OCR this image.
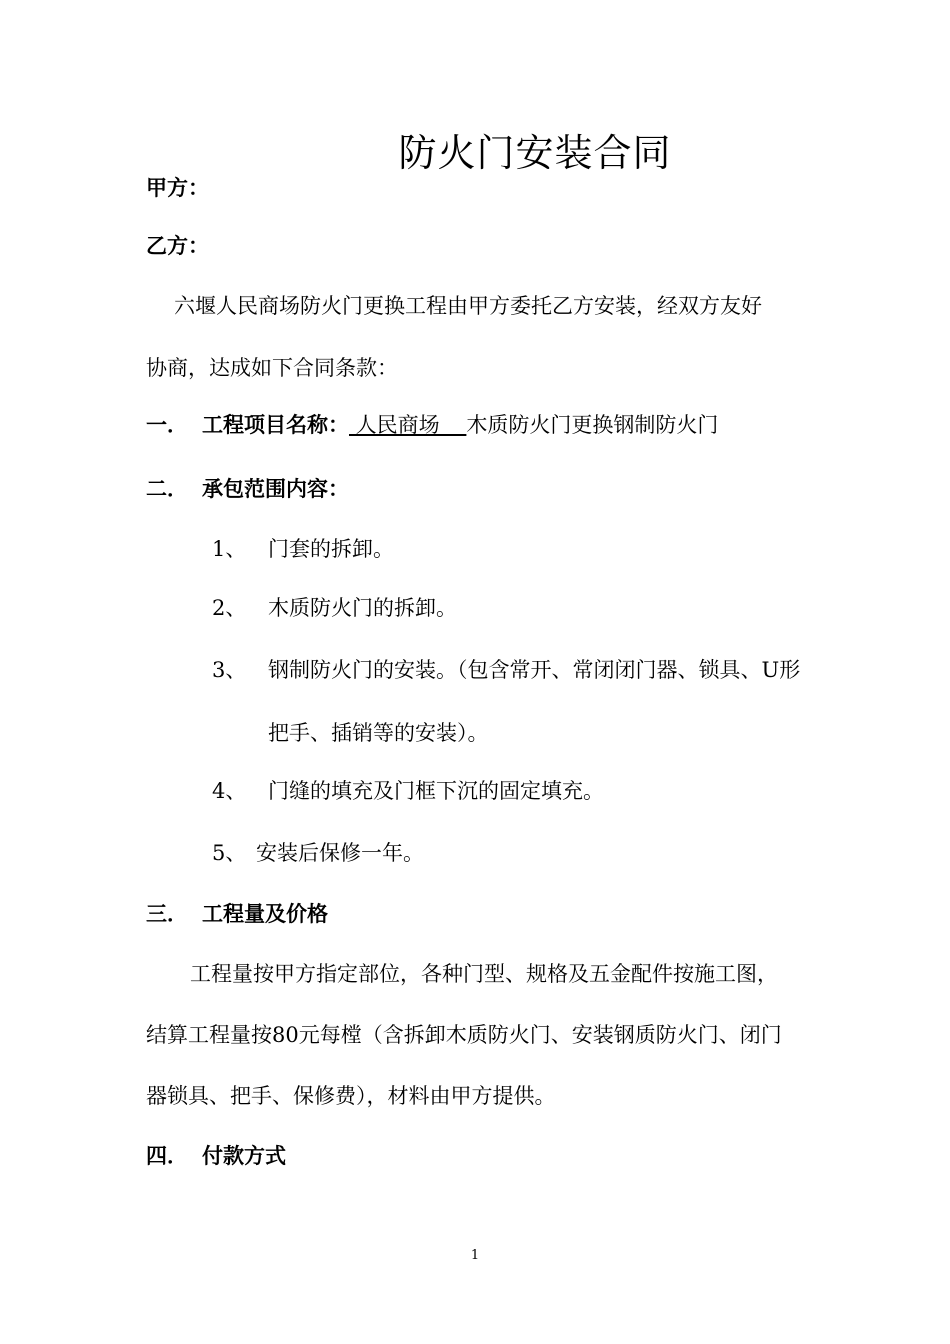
防火门安装合同
甲方：
乙方：
六堰人民商场防火门更换工程由甲方委托乙方安装，经双方友好
协商，达成如下合同条款：
一． 工程项目名称： 人民商场    木质防火门更换钢制防火门
二． 承包范围内容：
1、 门套的拆卸。
2、 木质防火门的拆卸。
3、 钢制防火门的安装。（包含常开、常闭闭门器、锁具、U形
把手、插销等的安装）。
4、 门缝的填充及门框下沉的固定填充。
5、 安装后保修一年。
三． 工程量及价格
工程量按甲方指定部位，各种门型、规格及五金配件按施工图，
结算工程量按80元每樘（含拆卸木质防火门、安装钢质防火门、闭门
器锁具、把手、保修费），材料由甲方提供。
四． 付款方式
1
